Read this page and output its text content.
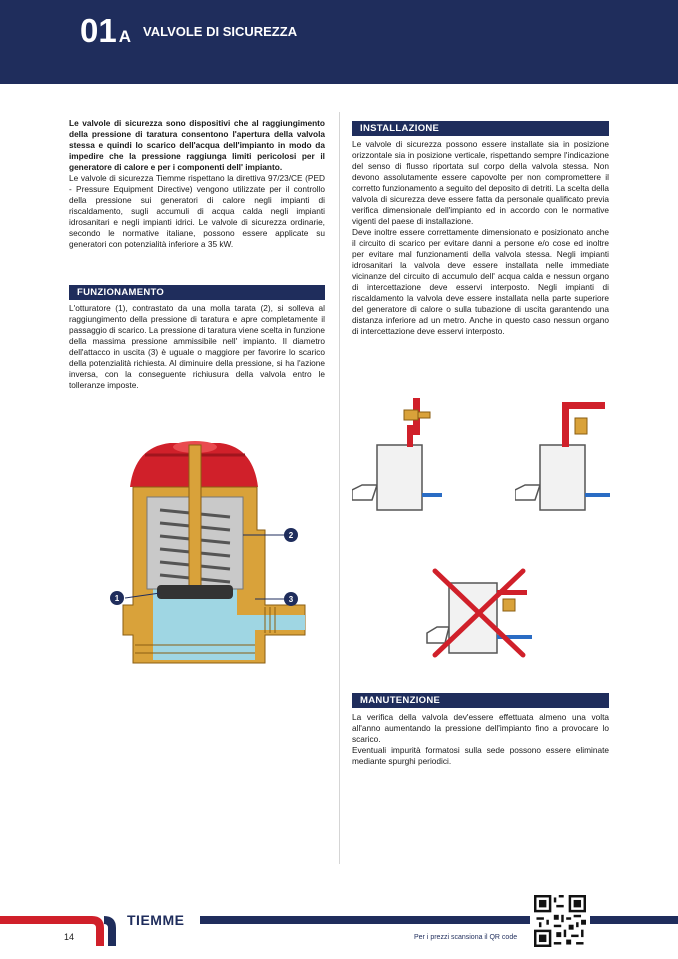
01 A VALVOLE DI SICUREZZA

Le valvole di sicurezza sono dispositivi che al raggiungimento della pressione di taratura consentono l'apertura della valvola stessa e quindi lo scarico dell'acqua dell'impianto in modo da impedire che la pressione raggiunga limiti pericolosi per il generatore di calore e per i componenti dell' impianto.

Le valvole di sicurezza Tiemme rispettano la direttiva 97/23/CE (PED - Pressure Equipment Directive) vengono utilizzate per il controllo della pressione sui generatori di calore negli impianti di riscaldamento, sugli accumuli di acqua calda negli impianti idrosanitari e negli impianti idrici. Le valvole di sicurezza ordinarie, secondo le normative italiane, possono essere applicate su generatori con potenzialità inferiore a 35 kW.

FUNZIONAMENTO

L'otturatore (1), contrastato da una molla tarata (2), si solleva al raggiungimento della pressione di taratura e apre completamente il passaggio di scarico. La pressione di taratura viene scelta in funzione della massima pressione ammissibile nell' impianto. Il diametro dell'attacco in uscita (3) è uguale o maggiore per favorire lo scarico della potenzialità richiesta. Al diminuire della pressione, si ha l'azione inversa, con la conseguente richiusura della valvola entro le tolleranze imposte.

1
2
3
INSTALLAZIONE

Le valvole di sicurezza possono essere installate sia in posizione orizzontale sia in posizione verticale, rispettando sempre l'indicazione del senso di flusso riportata sul corpo della valvola stessa. Non devono assolutamente essere capovolte per non compromettere il corretto funzionamento a seguito del deposito di detriti. La scelta della valvola di sicurezza deve essere fatta da personale qualificato previa verifica dimensionale dell'impianto ed in accordo con le normative vigenti del paese di installazione.

Deve inoltre essere correttamente dimensionato e posizionato anche il circuito di scarico per evitare danni a persone e/o cose ed inoltre per evitare mal funzionamenti della valvola stessa. Negli impianti idrosanitari la valvola deve essere installata nelle immediate vicinanze del circuito di accumulo dell' acqua calda e nessun organo di intercettazione deve esservi interposto. Negli impianti di riscaldamento la valvola deve essere installata nella parte superiore del generatore di calore o sulla tubazione di uscita garantendo una distanza inferiore ad un metro. Anche in questo caso nessun organo di intercettazione deve esservi interposto.

MANUTENZIONE

La verifica della valvola dev'essere effettuata almeno una volta all'anno aumentando la pressione dell'impianto fino a provocare lo scarico.

Eventuali impurità formatosi sulla sede possono essere eliminate mediante spurghi periodici.

14
TIEMME
Per i prezzi scansiona il QR code
